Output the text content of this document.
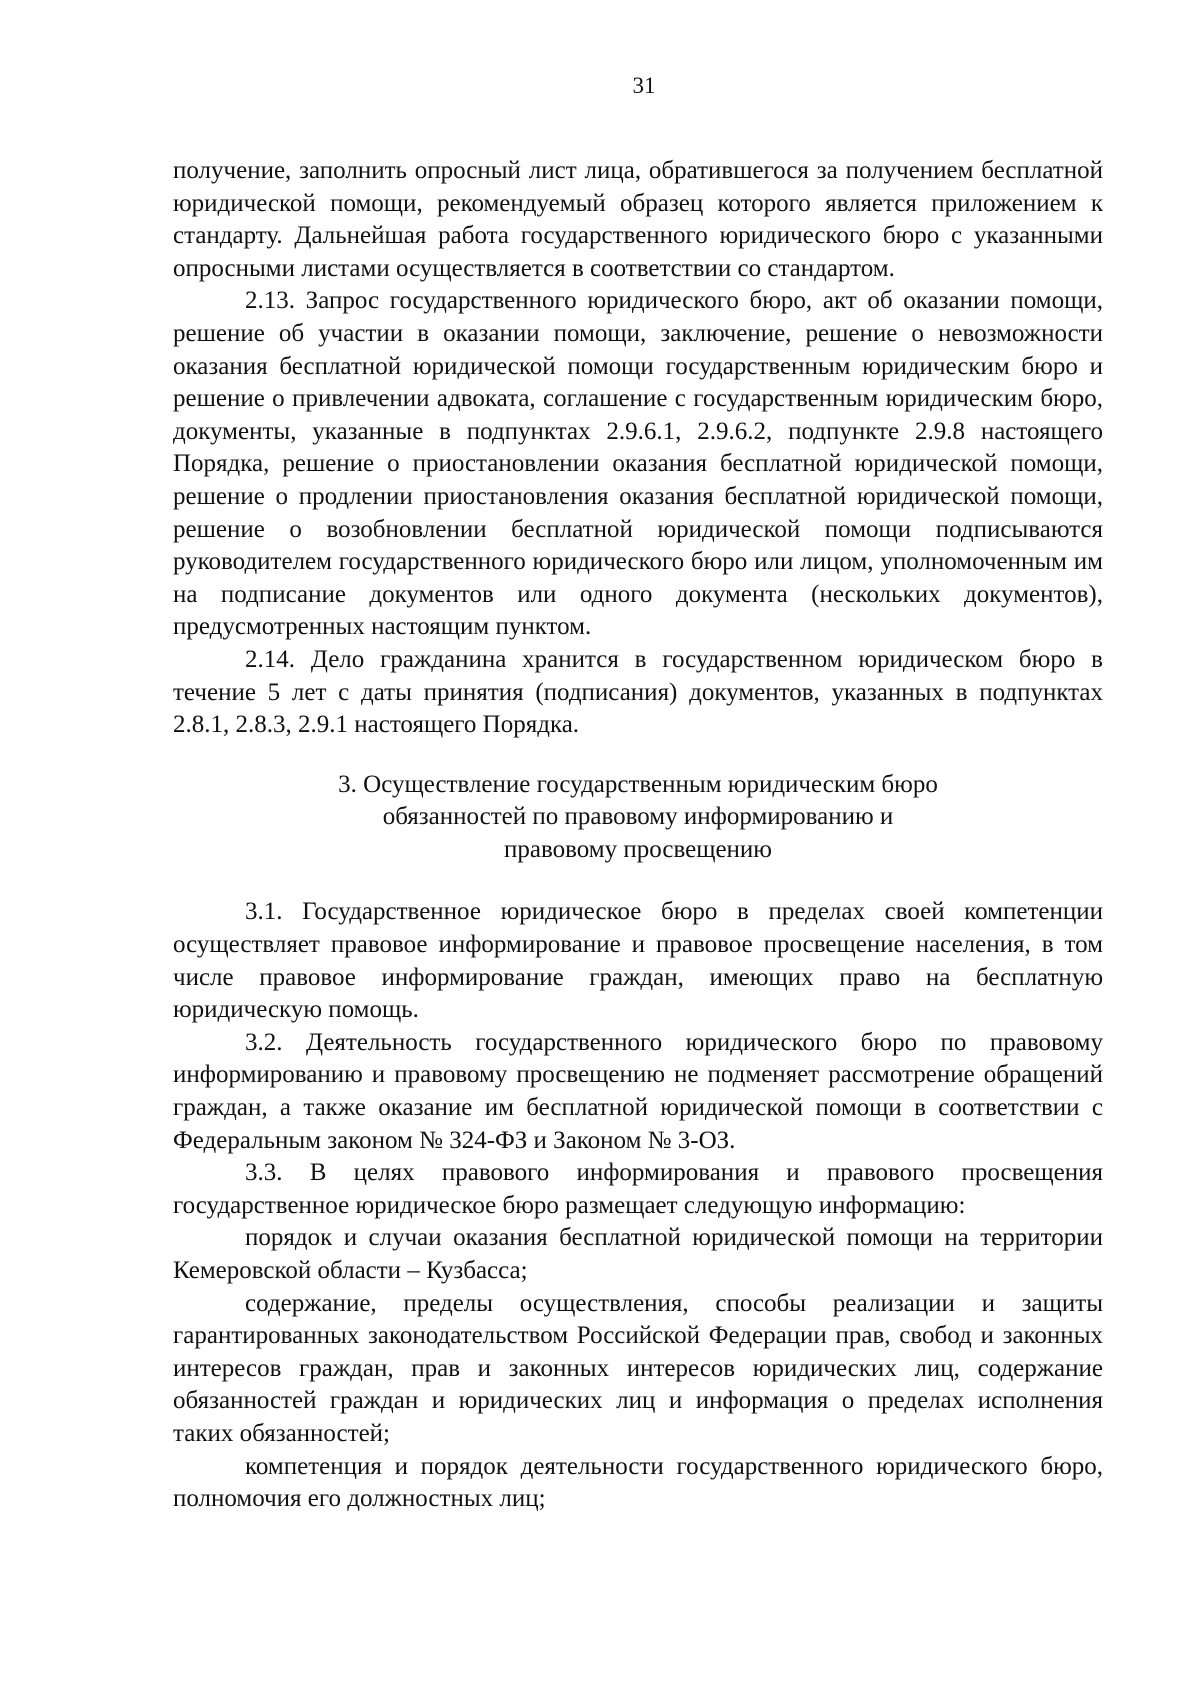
31

получение, заполнить опросный лист лица, обратившегося за получением бесплатной юридической помощи, рекомендуемый образец которого является приложением к стандарту. Дальнейшая работа государственного юридического бюро с указанными опросными листами осуществляется в соответствии со стандартом.

2.13. Запрос государственного юридического бюро, акт об оказании помощи, решение об участии в оказании помощи, заключение, решение о невозможности оказания бесплатной юридической помощи государственным юридическим бюро и решение о привлечении адвоката, соглашение с государственным юридическим бюро, документы, указанные в подпунктах 2.9.6.1, 2.9.6.2, подпункте 2.9.8 настоящего Порядка, решение о приостановлении оказания бесплатной юридической помощи, решение о продлении приостановления оказания бесплатной юридической помощи, решение о возобновлении бесплатной юридической помощи подписываются руководителем государственного юридического бюро или лицом, уполномоченным им на подписание документов или одного документа (нескольких документов), предусмотренных настоящим пунктом.

2.14. Дело гражданина хранится в государственном юридическом бюро в течение 5 лет с даты принятия (подписания) документов, указанных в подпунктах 2.8.1, 2.8.3, 2.9.1 настоящего Порядка.

3. Осуществление государственным юридическим бюро
обязанностей по правовому информированию и
правовому просвещению

3.1. Государственное юридическое бюро в пределах своей компетенции осуществляет правовое информирование и правовое просвещение населения, в том числе правовое информирование граждан, имеющих право на бесплатную юридическую помощь.

3.2. Деятельность государственного юридического бюро по правовому информированию и правовому просвещению не подменяет рассмотрение обращений граждан, а также оказание им бесплатной юридической помощи в соответствии с Федеральным законом № 324-ФЗ и Законом № 3-ОЗ.

3.3. В целях правового информирования и правового просвещения государственное юридическое бюро размещает следующую информацию:

порядок и случаи оказания бесплатной юридической помощи на территории Кемеровской области – Кузбасса;

содержание, пределы осуществления, способы реализации и защиты гарантированных законодательством Российской Федерации прав, свобод и законных интересов граждан, прав и законных интересов юридических лиц, содержание обязанностей граждан и юридических лиц и информация о пределах исполнения таких обязанностей;

компетенция и порядок деятельности государственного юридического бюро, полномочия его должностных лиц;
